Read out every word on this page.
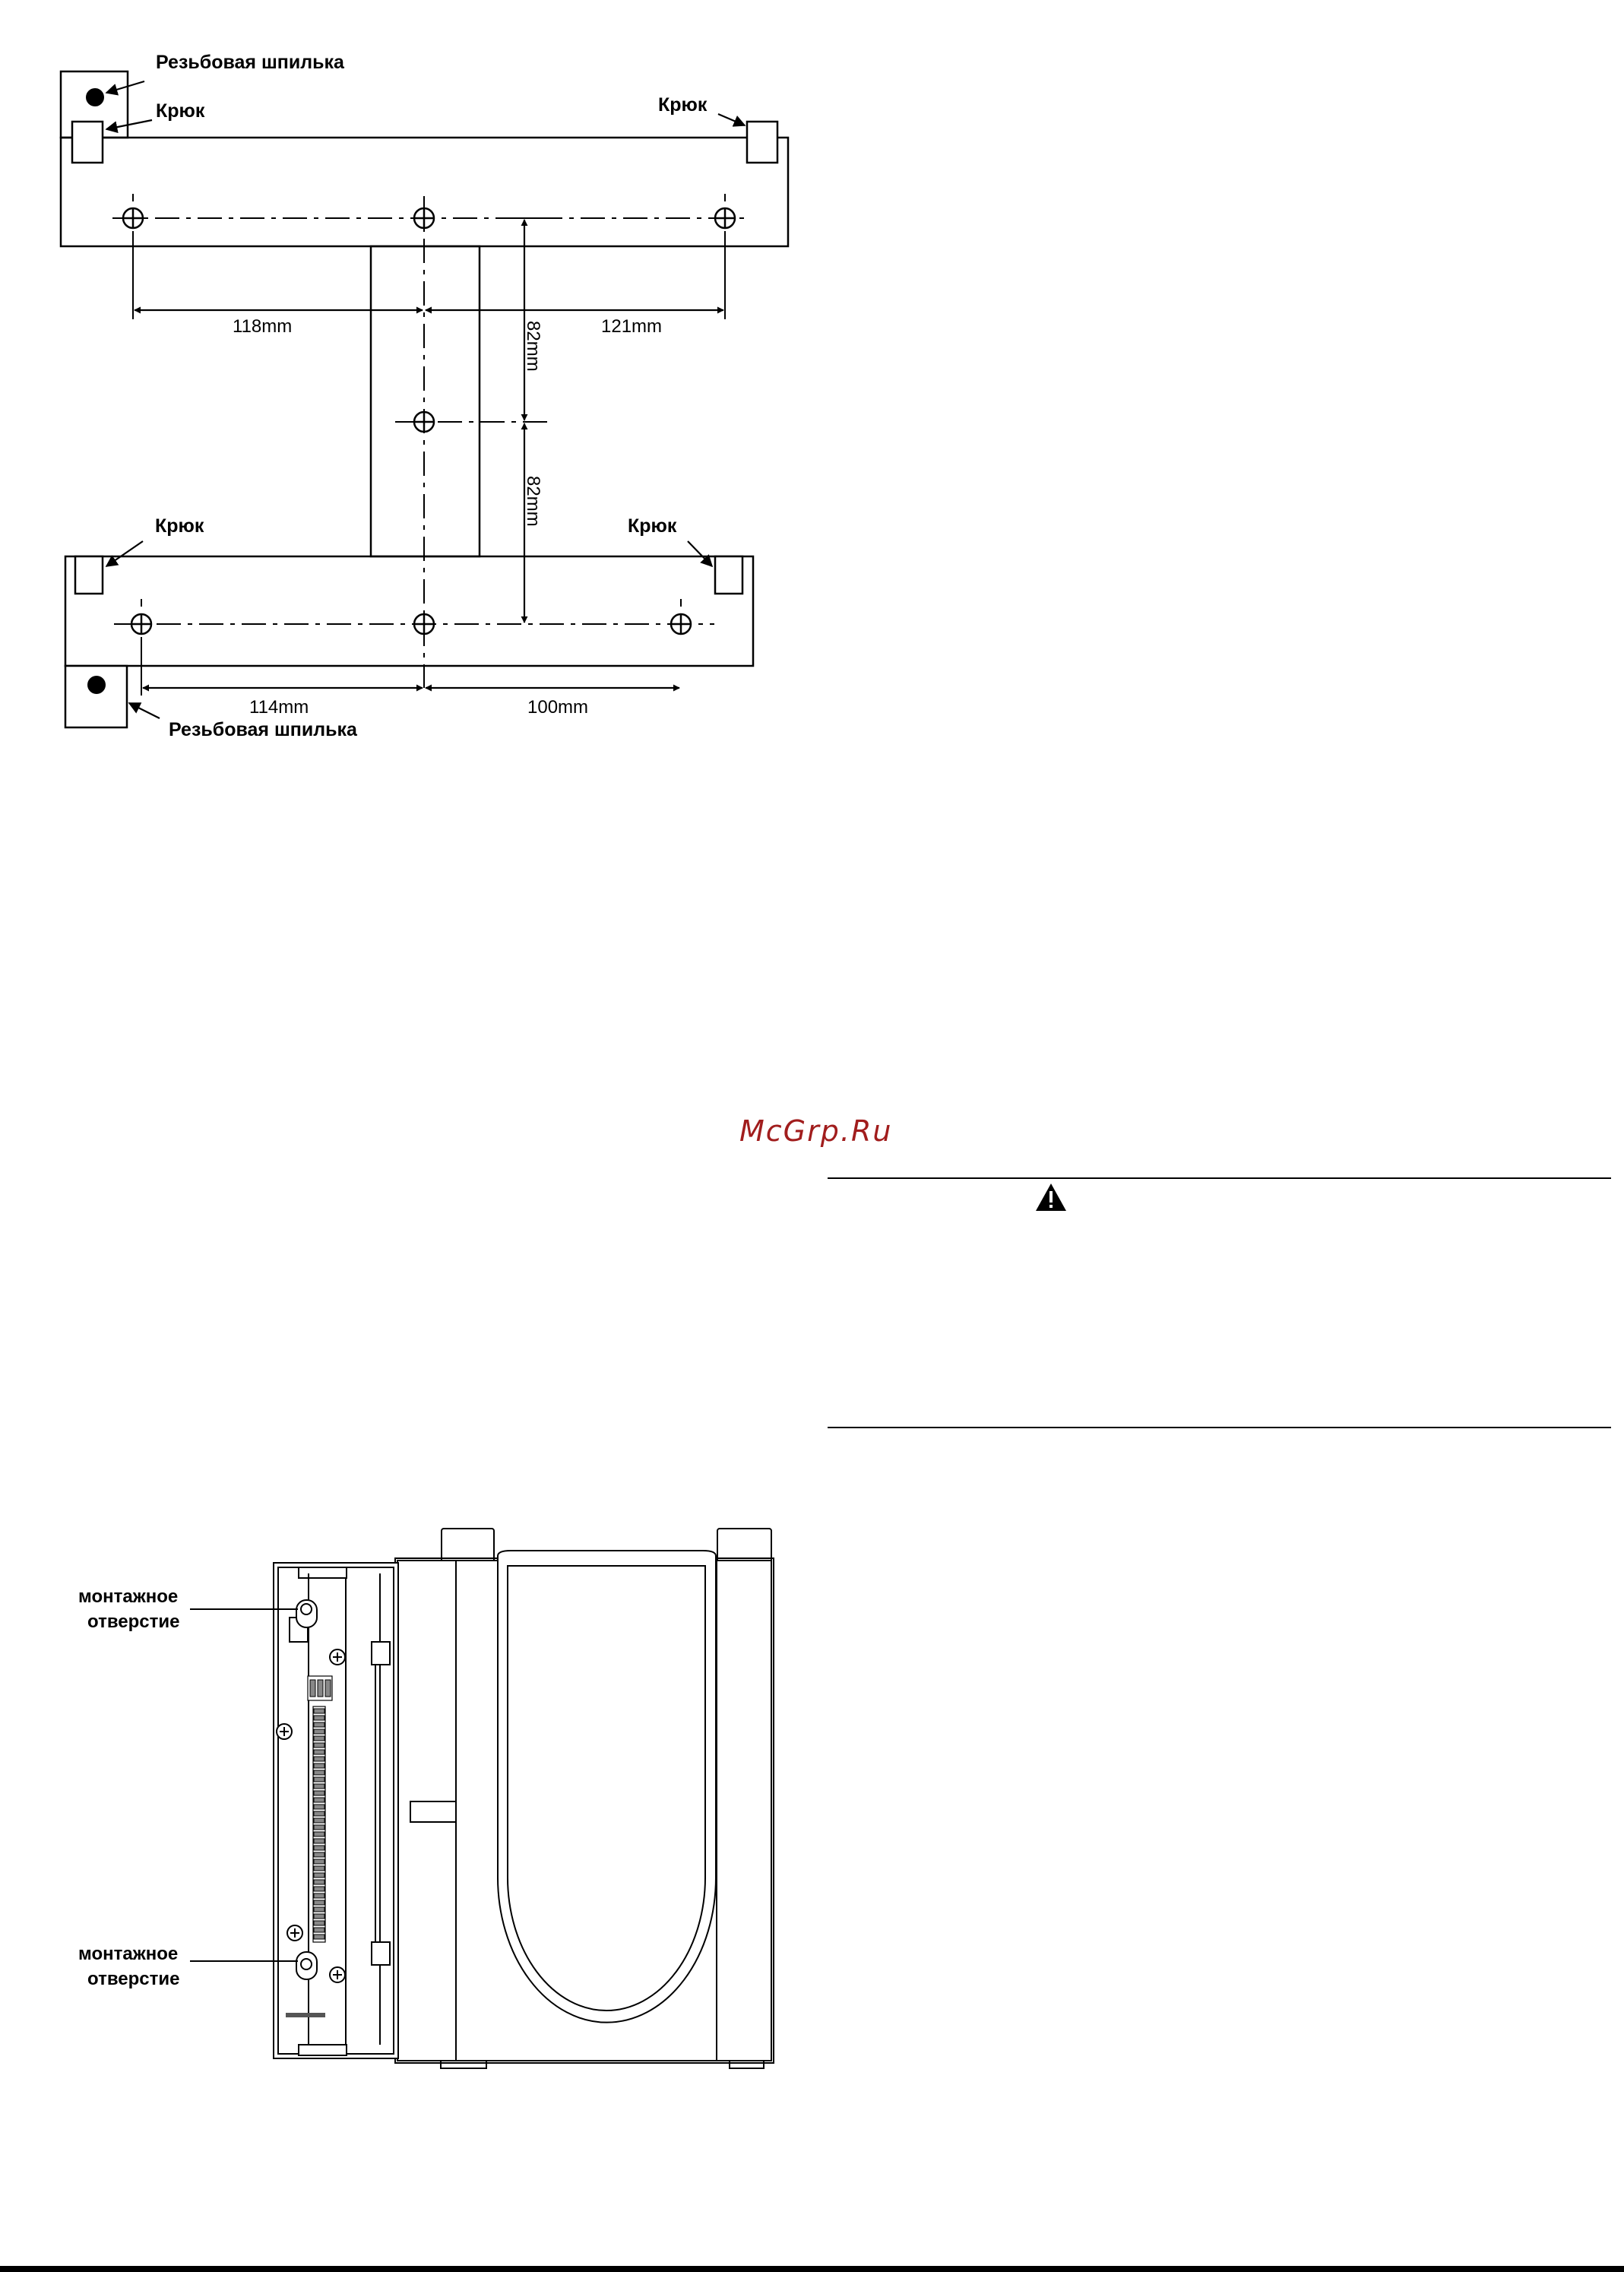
Резьбовая шпилька
Крюк	Крюк
Крюк	Крюк
Резьбовая шпилька
118mm	121mm
82mm
82mm
114mm	100mm
McGrp.Ru
монтажное
отверстие
монтажное
отверстие
